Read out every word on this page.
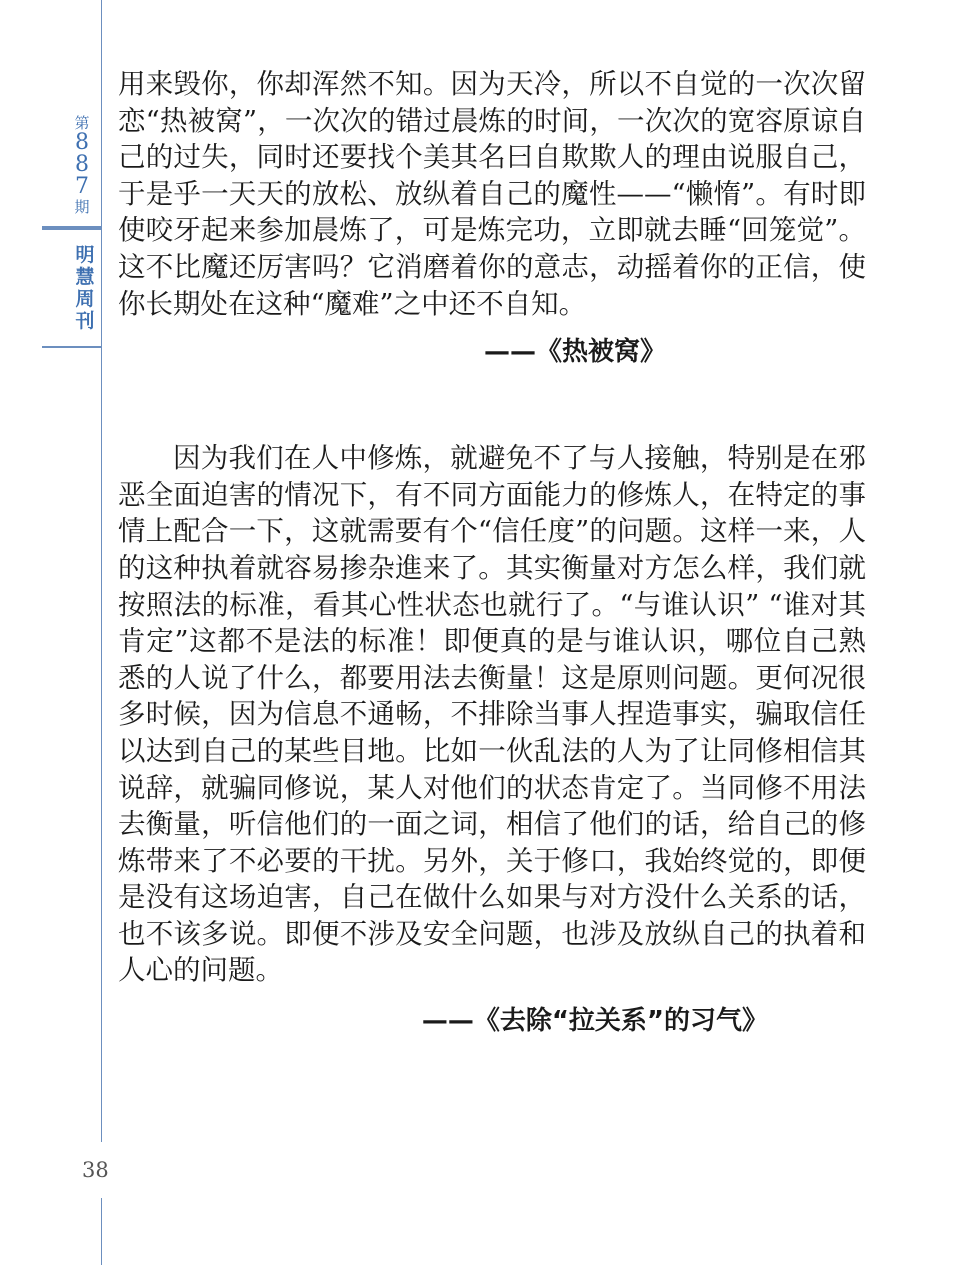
第
8
8
7
期
明
慧
周
刊

用来毁你，你却浑然不知。因为天冷，所以不自觉的一次次留恋“热被窝”，一次次的错过晨炼的时间，一次次的宽容原谅自己的过失，同时还要找个美其名曰自欺欺人的理由说服自己，于是乎一天天的放松、放纵着自己的魔性——“懒惰”。有时即使咬牙起来参加晨炼了，可是炼完功，立即就去睡“回笼觉”。这不比魔还厉害吗？它消磨着你的意志，动摇着你的正信，使你长期处在这种“魔难”之中还不自知。

——《热被窝》

因为我们在人中修炼，就避免不了与人接触，特别是在邪恶全面迫害的情况下，有不同方面能力的修炼人，在特定的事情上配合一下，这就需要有个“信任度”的问题。这样一来，人的这种执着就容易掺杂進来了。其实衡量对方怎么样，我们就按照法的标准，看其心性状态也就行了。“与谁认识” “谁对其肯定”这都不是法的标准！即便真的是与谁认识，哪位自己熟悉的人说了什么，都要用法去衡量！这是原则问题。更何况很多时候，因为信息不通畅，不排除当事人捏造事实，骗取信任以达到自己的某些目地。比如一伙乱法的人为了让同修相信其说辞，就骗同修说，某人对他们的状态肯定了。当同修不用法去衡量，听信他们的一面之词，相信了他们的话，给自己的修炼带来了不必要的干扰。另外，关于修口，我始终觉的，即便是没有这场迫害，自己在做什么如果与对方没什么关系的话，也不该多说。即便不涉及安全问题，也涉及放纵自己的执着和人心的问题。

——《去除“拉关系”的习气》

38
